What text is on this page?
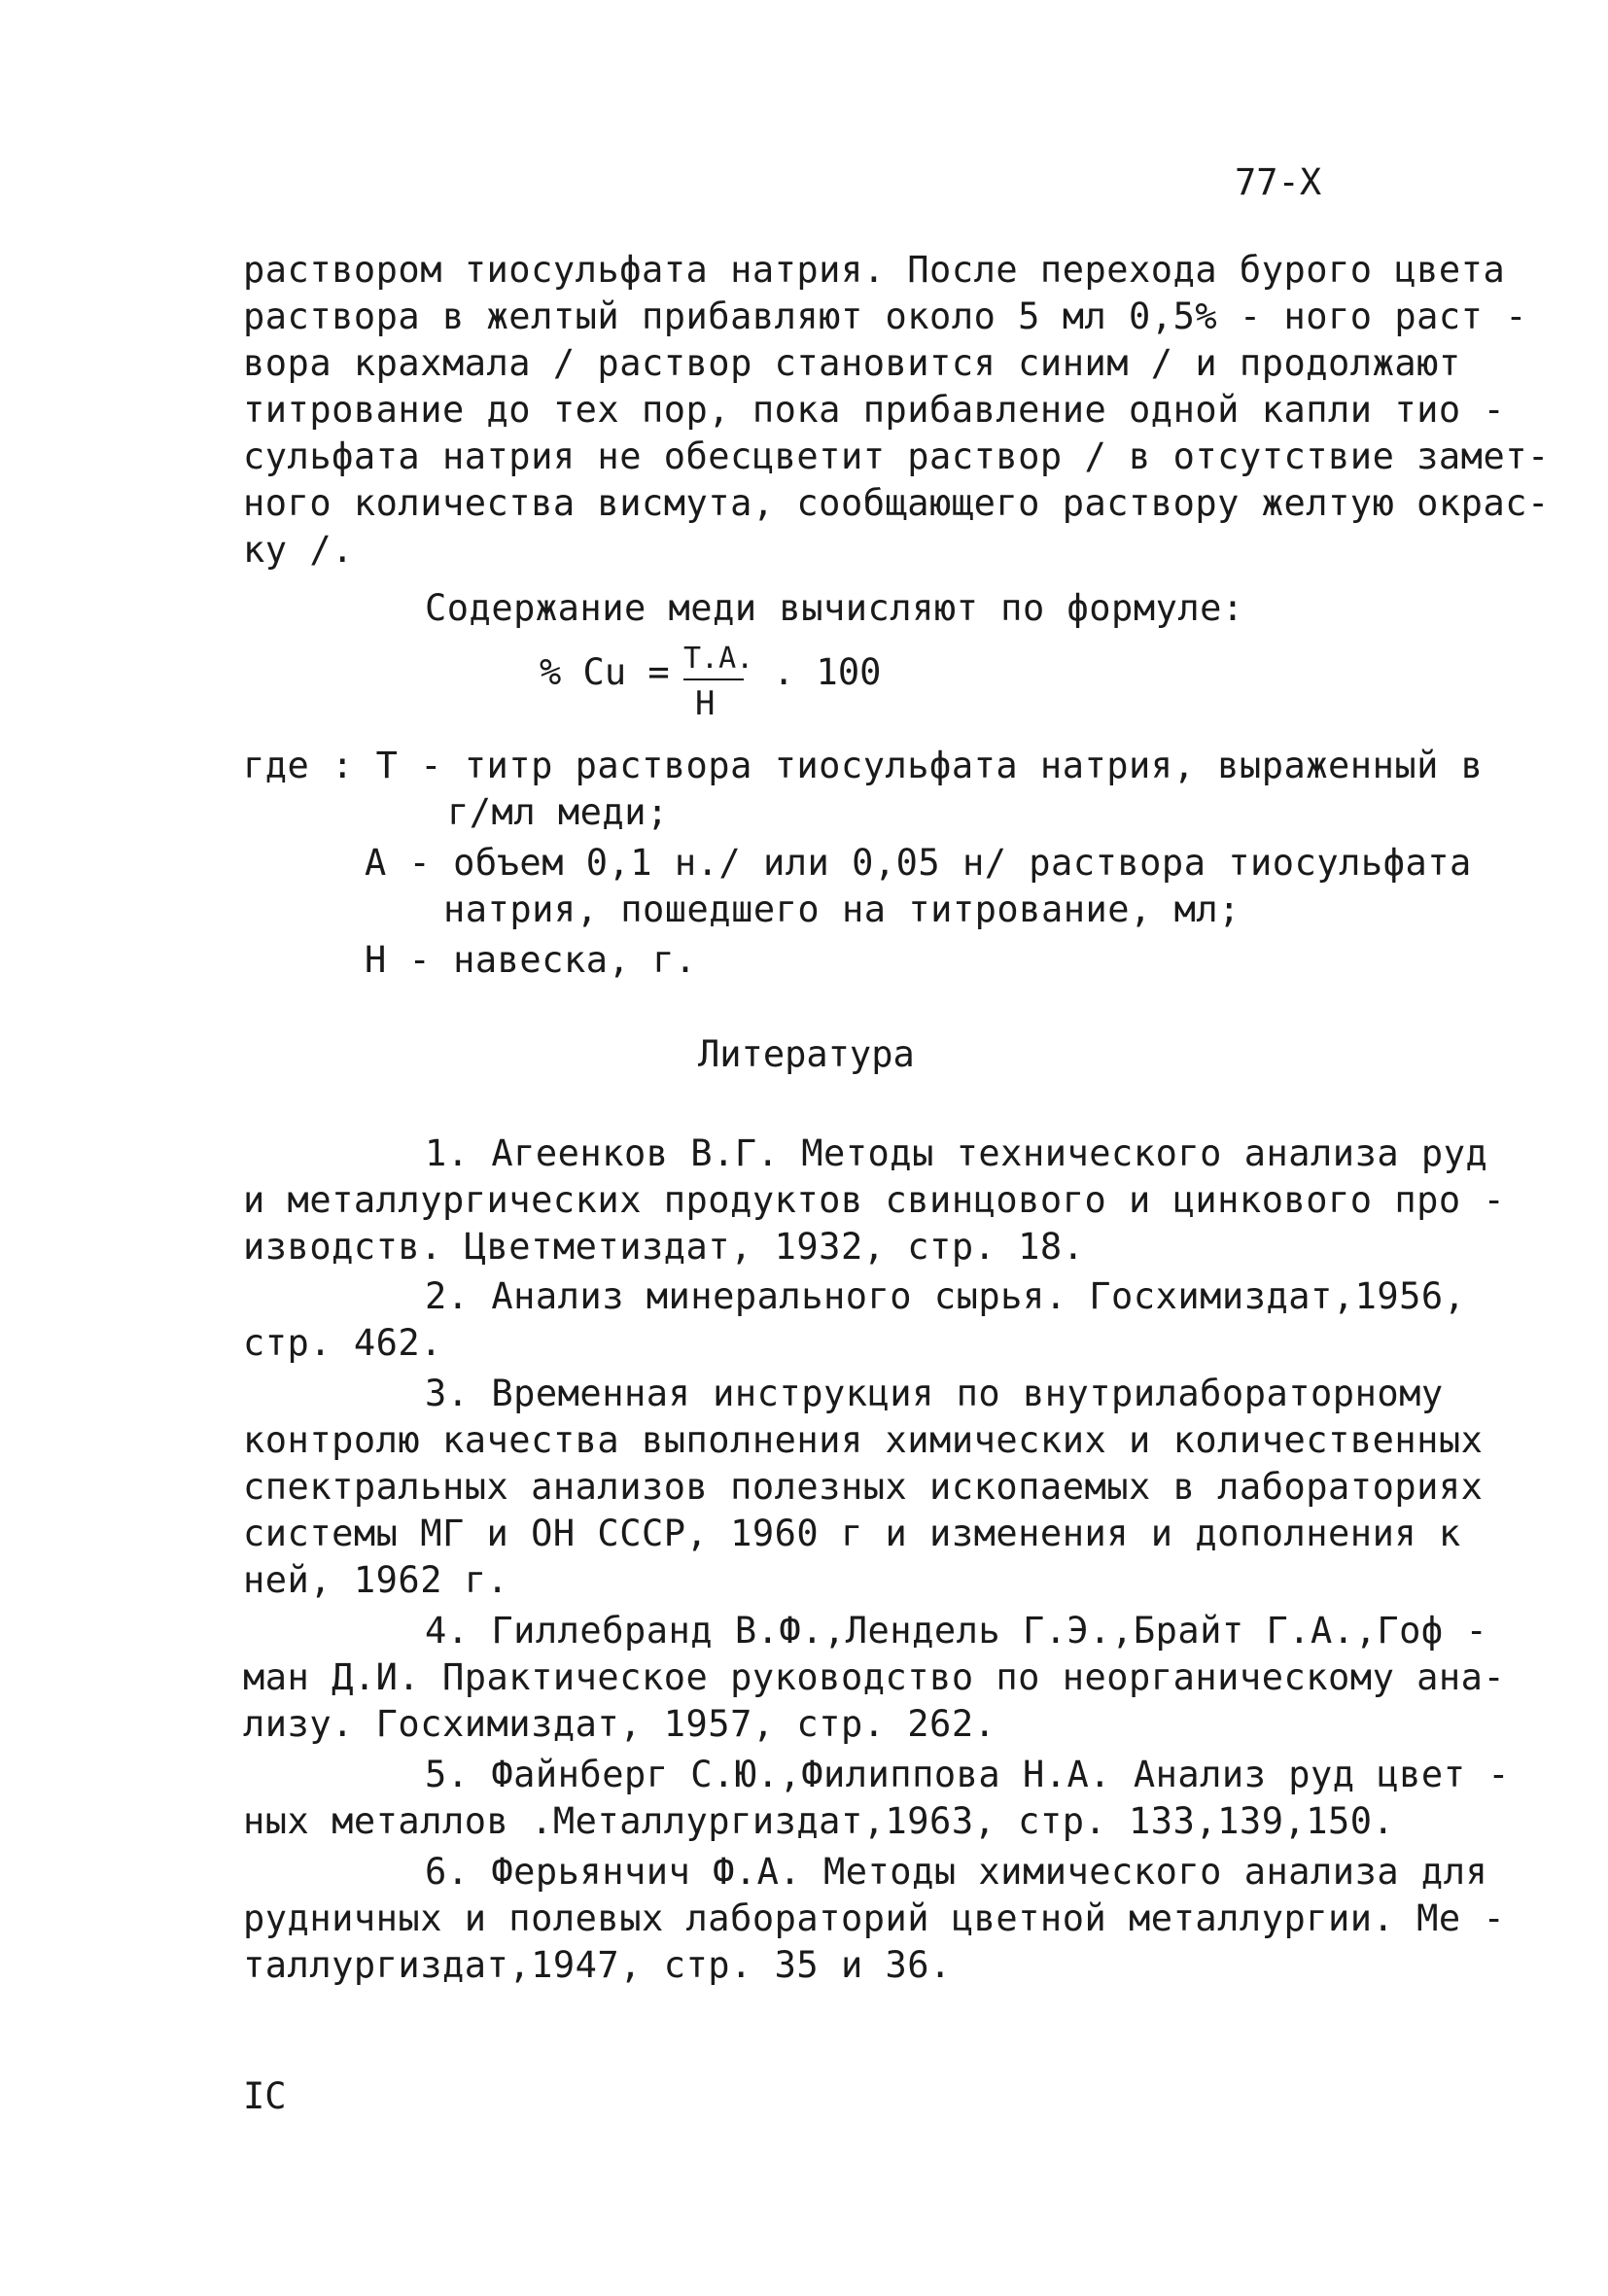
77-X
раствором тиосульфата натрия. После перехода бурого цвета
раствора в желтый прибавляют около 5 мл 0,5% - ного раст -
вора крахмала / раствор становится синим / и продолжают
титрование до тех пор, пока прибавление одной капли тио -
сульфата натрия не обесцветит раствор / в отсутствие замет-
ного количества висмута, сообщающего раствору желтую окрас-
ку /.
Содержание меди вычисляют по формуле:
% Cu = Т.А.
Н
. 100
где : Т - титр раствора тиосульфата натрия, выраженный в
г/мл меди;
А - объем 0,1 н./ или 0,05 н/ раствора тиосульфата
натрия, пошедшего на титрование, мл;
Н - навеска, г.
Литература
1. Агеенков В.Г. Методы технического анализа руд
и металлургических продуктов свинцового и цинкового про -
изводств. Цветметиздат, 1932, стр. 18.
2. Анализ минерального сырья. Госхимиздат,1956,
стр. 462.
3. Временная инструкция по внутрилабораторному
контролю качества выполнения химических и количественных
спектральных анализов полезных ископаемых в лабораториях
системы МГ и ОН СССР, 1960 г и изменения и дополнения к
ней, 1962 г.
4. Гиллебранд В.Ф.,Лендель Г.Э.,Брайт Г.А.,Гоф -
ман Д.И. Практическое руководство по неорганическому ана-
лизу. Госхимиздат, 1957, стр. 262.
5. Файнберг С.Ю.,Филиппова Н.А. Анализ руд цвет -
ных металлов .Металлургиздат,1963, стр. 133,139,150.
6. Ферьянчич Ф.А. Методы химического анализа для
рудничных и полевых лабораторий цветной металлургии. Ме -
таллургиздат,1947, стр. 35 и 36.
IC
